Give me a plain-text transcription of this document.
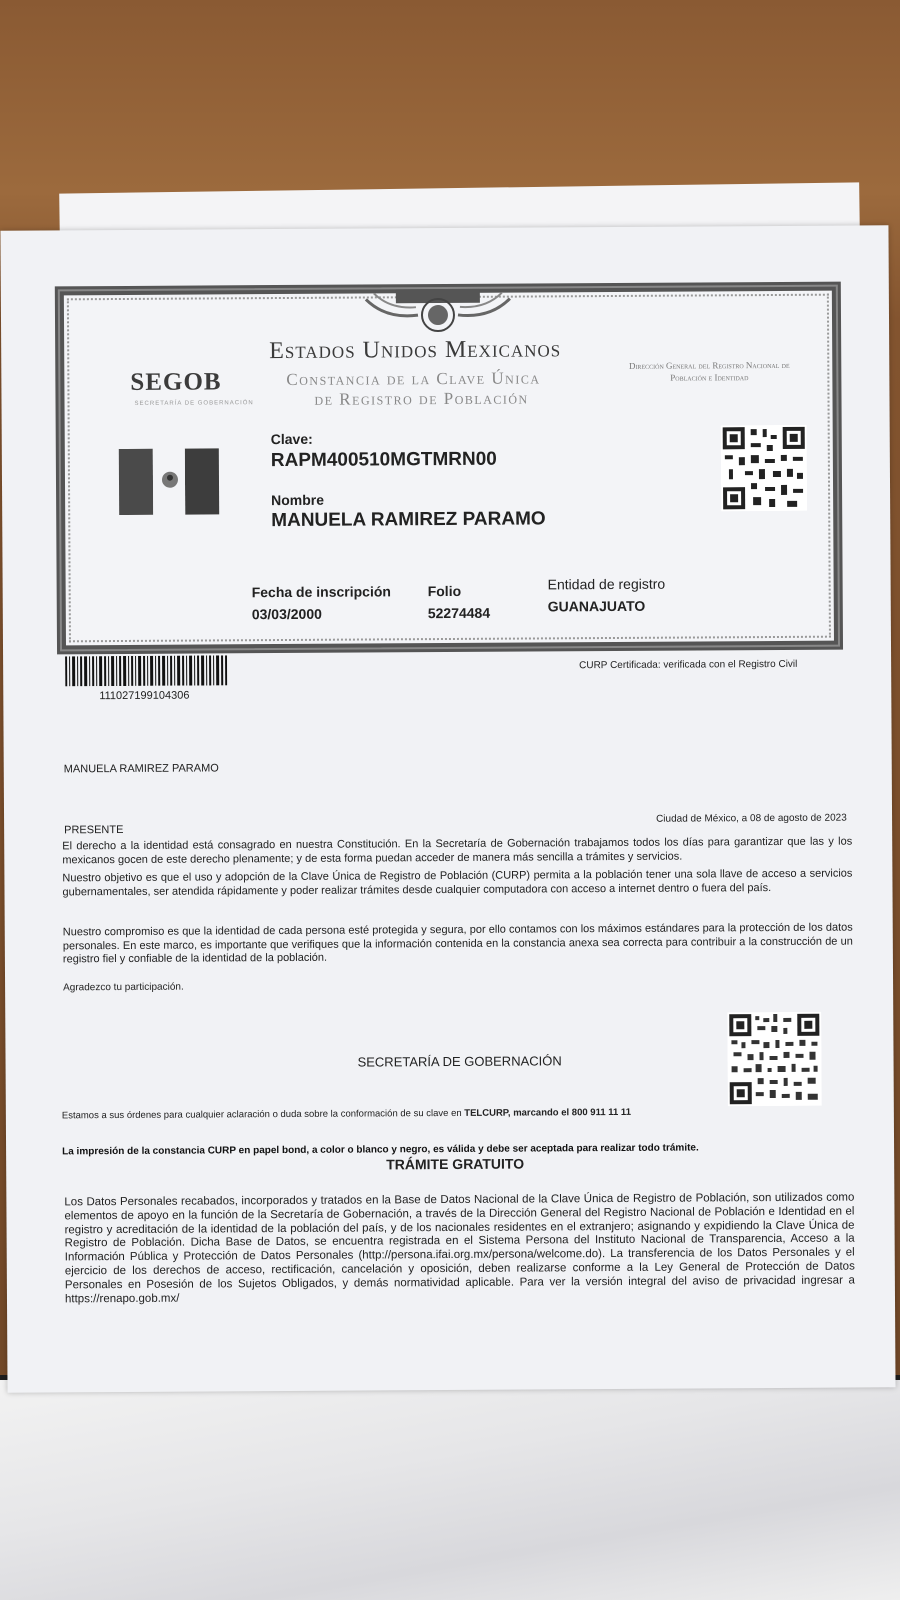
SEGOB
SECRETARÍA DE GOBERNACIÓN
Estados Unidos Mexicanos
Constancia de la Clave Única
de Registro de Población
Dirección General del Registro Nacional de Población e Identidad
Clave:
RAPM400510MGTMRN00
Nombre
MANUELA RAMIREZ PARAMO
Fecha de inscripción
03/03/2000
Folio
52274484
Entidad de registro
GUANAJUATO
111027199104306
CURP Certificada: verificada con el Registro Civil
MANUELA RAMIREZ PARAMO
Ciudad de México, a 08 de agosto de 2023
PRESENTE
El derecho a la identidad está consagrado en nuestra Constitución. En la Secretaría de Gobernación trabajamos todos los días para garantizar que las y los mexicanos gocen de este derecho plenamente; y de esta forma puedan acceder de manera más sencilla a trámites y servicios.
Nuestro objetivo es que el uso y adopción de la Clave Única de Registro de Población (CURP) permita a la población tener una sola llave de acceso a servicios gubernamentales, ser atendida rápidamente y poder realizar trámites desde cualquier computadora con acceso a internet dentro o fuera del país.
Nuestro compromiso es que la identidad de cada persona esté protegida y segura, por ello contamos con los máximos estándares para la protección de los datos personales. En este marco, es importante que verifiques que la información contenida en la constancia anexa sea correcta para contribuir a la construcción de un registro fiel y confiable de la identidad de la población.
Agradezco tu participación.
SECRETARÍA DE GOBERNACIÓN
Estamos a sus órdenes para cualquier aclaración o duda sobre la conformación de su clave en TELCURP, marcando el 800 911 11 11
La impresión de la constancia CURP en papel bond, a color o blanco y negro, es válida y debe ser aceptada para realizar todo trámite.
TRÁMITE GRATUITO
Los Datos Personales recabados, incorporados y tratados en la Base de Datos Nacional de la Clave Única de Registro de Población, son utilizados como elementos de apoyo en la función de la Secretaría de Gobernación, a través de la Dirección General del Registro Nacional de Población e Identidad en el registro y acreditación de la identidad de la población del país, y de los nacionales residentes en el extranjero; asignando y expidiendo la Clave Única de Registro de Población. Dicha Base de Datos, se encuentra registrada en el Sistema Persona del Instituto Nacional de Transparencia, Acceso a la Información Pública y Protección de Datos Personales (http://persona.ifai.org.mx/persona/welcome.do). La transferencia de los Datos Personales y el ejercicio de los derechos de acceso, rectificación, cancelación y oposición, deben realizarse conforme a la Ley General de Protección de Datos Personales en Posesión de los Sujetos Obligados, y demás normatividad aplicable. Para ver la versión integral del aviso de privacidad ingresar a https://renapo.gob.mx/
